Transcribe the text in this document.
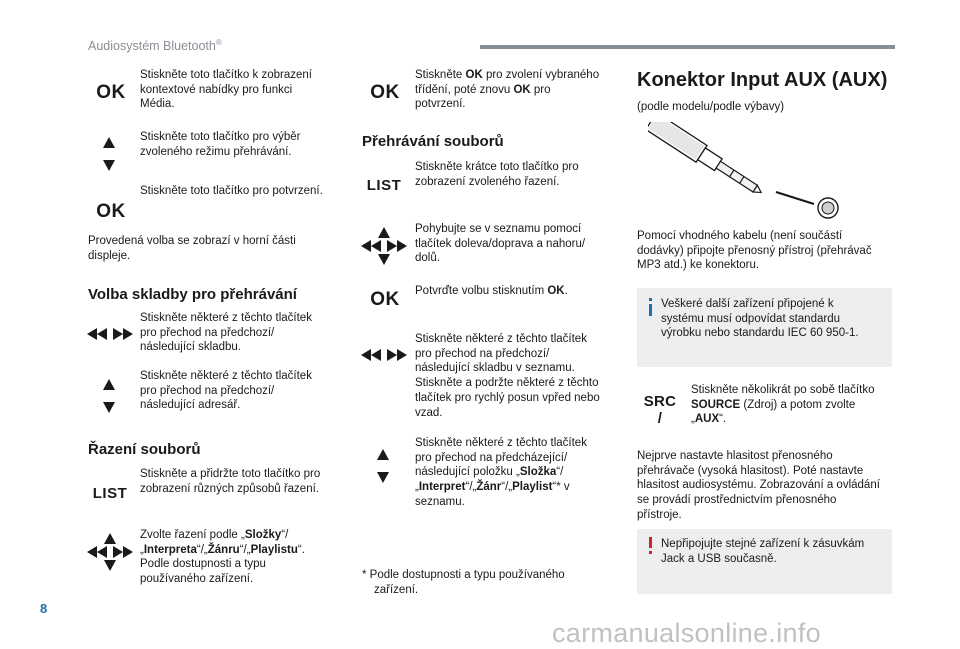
Audiosystém Bluetooth®
OK
Stiskněte toto tlačítko k zobrazení
kontextové nabídky pro funkci
Média.
Stiskněte toto tlačítko pro výběr
zvoleného režimu přehrávání.
OK
Stiskněte toto tlačítko pro potvrzení.
Provedená volba se zobrazí v horní části
displeje.
Volba skladby pro přehrávání
Stiskněte některé z těchto tlačítek
pro přechod na předchozí/
následující skladbu.
Stiskněte některé z těchto tlačítek
pro přechod na předchozí/
následující adresář.
Řazení souborů
LIST
Stiskněte a přidržte toto tlačítko pro
zobrazení různých způsobů řazení.
Zvolte řazení podle „Složky“/
„Interpreta“/„Žánru“/„Playlistu“.
Podle dostupnosti a typu
používaného zařízení.
OK
Stiskněte OK pro zvolení vybraného
třídění, poté znovu OK pro
potvrzení.
Přehrávání souborů
LIST
Stiskněte krátce toto tlačítko pro
zobrazení zvoleného řazení.
Pohybujte se v seznamu pomocí
tlačítek doleva/doprava a nahoru/
dolů.
OK	Potvrďte volbu stisknutím OK.
Stiskněte některé z těchto tlačítek
pro přechod na předchozí/
následující skladbu v seznamu.
Stiskněte a podržte některé z těchto
tlačítek pro rychlý posun vpřed nebo
vzad.
Stiskněte některé z těchto tlačítek
pro přechod na předcházející/
následující položku „Složka“/
„Interpret“/„Žánr“/„Playlist“* v
seznamu.
* Podle dostupnosti a typu používaného
zařízení.
Konektor Input AUX (AUX)
(podle modelu/podle výbavy)
Pomocí vhodného kabelu (není součástí
dodávky) připojte přenosný přístroj (přehrávač
MP3 atd.) ke konektoru.
Veškeré další zařízení připojené k
systému musí odpovídat standardu
výrobku nebo standardu IEC 60 950-1.
SRC
/
Stiskněte několikrát po sobě tlačítko
SOURCE (Zdroj) a potom zvolte
„AUX“.
Nejprve nastavte hlasitost přenosného
přehrávače (vysoká hlasitost). Poté nastavte
hlasitost audiosystému. Zobrazování a ovládání
se provádí prostřednictvím přenosného
přístroje.
Nepřipojujte stejné zařízení k zásuvkám
Jack a USB současně.
8
carmanualsonline.info
